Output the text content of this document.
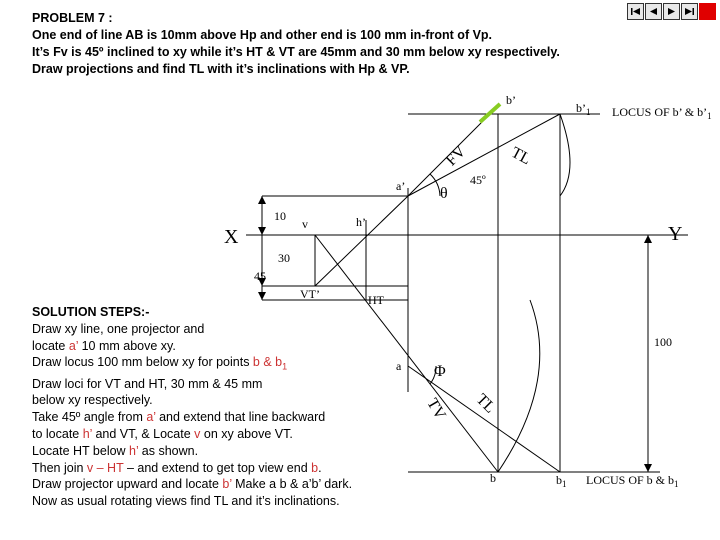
PROBLEM 7 :
One end of line AB is 10mm above Hp and other end is 100 mm in-front of Vp.
It’s Fv is 45º inclined to xy while it’s HT & VT are 45mm and 30 mm below xy respectively.
Draw projections and find TL with it’s inclinations with Hp & VP.
X	Y
a’
b’
$b’_1$ LOCUS OF b’ & $b’_1$
FV TL
45º
θ
10
v	h’
30
45
VT’	HT
100
a Φ
TL
TV
b	$b_1$ LOCUS OF b & $b_1$
SOLUTION STEPS:-
Draw xy line, one projector and
locate a’ 10 mm above xy.
Draw locus 100 mm below xy for points b & $b_1$
Draw loci for VT and HT, 30 mm & 45 mm
below xy respectively.
Take 45º angle from a’ and extend that line backward
to locate h’ and VT, & Locate v on xy above VT.
Locate HT below h’ as shown.
Then join v – HT – and extend to get top view end b.
Draw projector upward and locate b’ Make a b & a’b’ dark.
Now as usual rotating views find TL and it’s inclinations.
